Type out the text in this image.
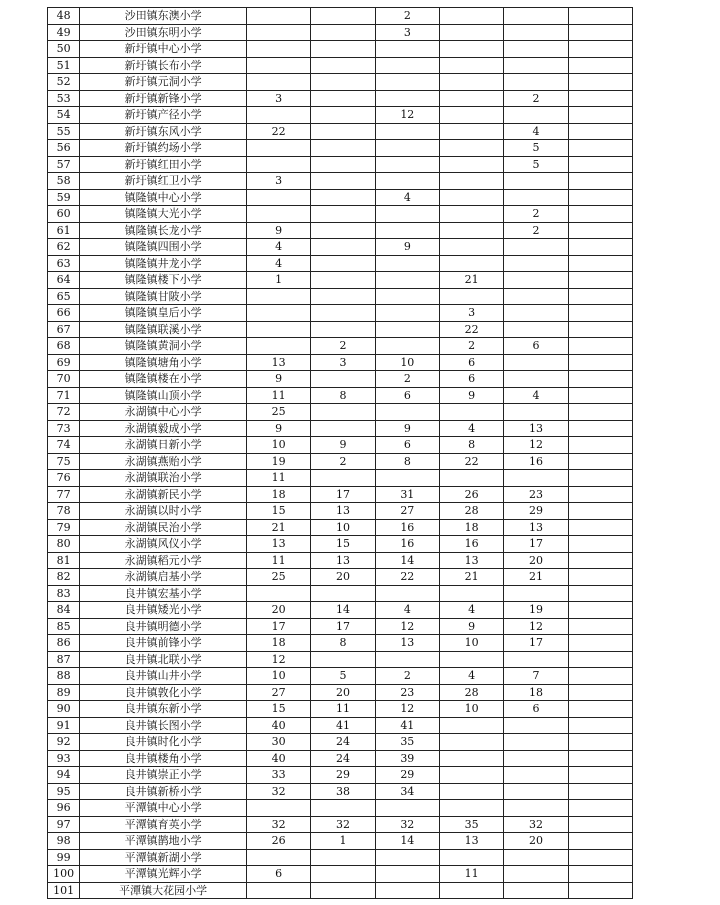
48	沙田镇东澳小学			2			
49	沙田镇东明小学			3			
50	新圩镇中心小学						
51	新圩镇长布小学						
52	新圩镇元洞小学						
53	新圩镇新锋小学	3				2	
54	新圩镇产径小学			12			
55	新圩镇东风小学	22				4	
56	新圩镇约场小学					5	
57	新圩镇红田小学					5	
58	新圩镇红卫小学	3					
59	镇隆镇中心小学			4			
60	镇隆镇大光小学					2	
61	镇隆镇长龙小学	9				2	
62	镇隆镇四围小学	4		9			
63	镇隆镇井龙小学	4					
64	镇隆镇楼下小学	1			21		
65	镇隆镇甘陂小学						
66	镇隆镇皇后小学				3		
67	镇隆镇联溪小学				22		
68	镇隆镇黄洞小学		2		2	6	
69	镇隆镇塘角小学	13	3	10	6		
70	镇隆镇楼在小学	9		2	6		
71	镇隆镇山顶小学	11	8	6	9	4	
72	永湖镇中心小学	25					
73	永湖镇毅成小学	9		9	4	13	
74	永湖镇日新小学	10	9	6	8	12	
75	永湖镇燕贻小学	19	2	8	22	16	
76	永湖镇联治小学	11					
77	永湖镇新民小学	18	17	31	26	23	
78	永湖镇以时小学	15	13	27	28	29	
79	永湖镇民治小学	21	10	16	18	13	
80	永湖镇风仪小学	13	15	16	16	17	
81	永湖镇稻元小学	11	13	14	13	20	
82	永湖镇启基小学	25	20	22	21	21	
83	良井镇宏基小学						
84	良井镇矮光小学	20	14	4	4	19	
85	良井镇明德小学	17	17	12	9	12	
86	良井镇前锋小学	18	8	13	10	17	
87	良井镇北联小学	12					
88	良井镇山井小学	10	5	2	4	7	
89	良井镇敦化小学	27	20	23	28	18	
90	良井镇东新小学	15	11	12	10	6	
91	良井镇长图小学	40	41	41			
92	良井镇时化小学	30	24	35			
93	良井镇楼角小学	40	24	39			
94	良井镇崇正小学	33	29	29			
95	良井镇新桥小学	32	38	34			
96	平潭镇中心小学						
97	平潭镇育英小学	32	32	32	35	32	
98	平潭镇鹊地小学	26	1	14	13	20	
99	平潭镇新湖小学						
100	平潭镇光辉小学	6			11		
101	平潭镇大花园小学						
